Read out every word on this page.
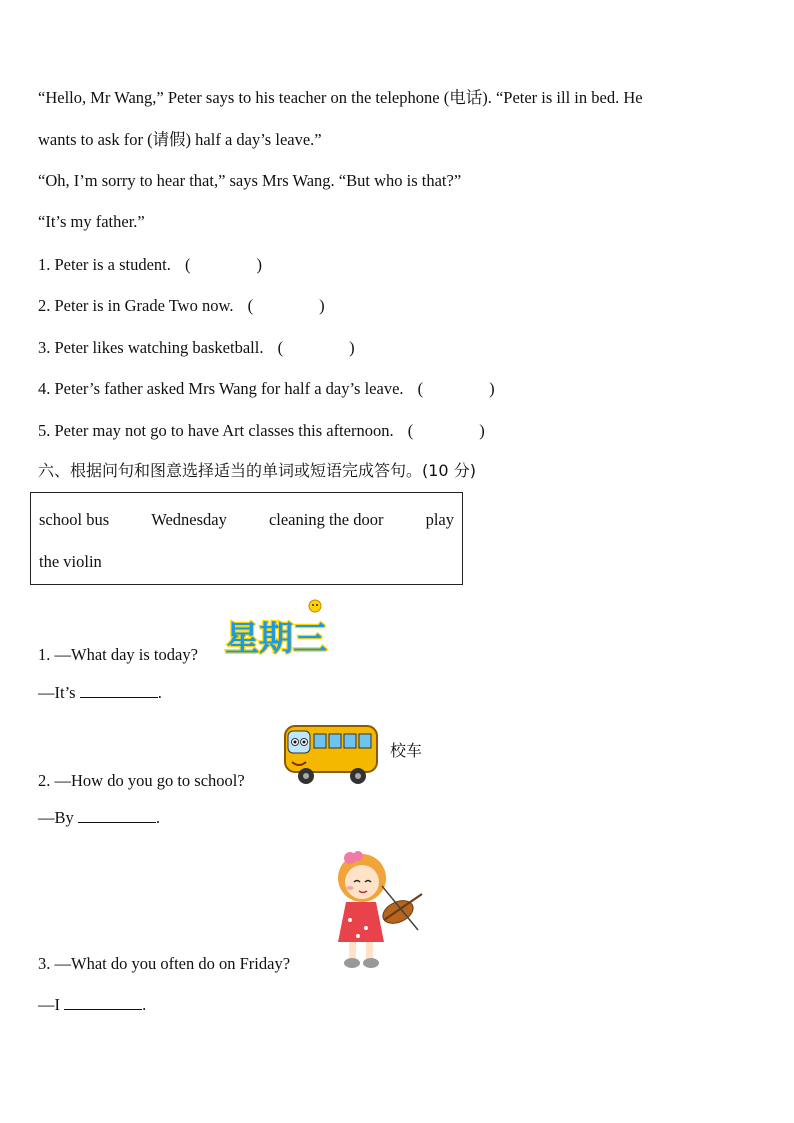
“Hello, Mr Wang,” Peter says to his teacher on the telephone (电话). “Peter is ill in bed. He
wants to ask for (请假) half a day’s leave.”
“Oh, I’m sorry to hear that,” says Mrs Wang. “But who is that?”
“It’s my father.”
1. Peter is a student. (　　　　)
2. Peter is in Grade Two now. (　　　　)
3. Peter likes watching basketball. (　　　　)
4. Peter’s father asked Mrs Wang for half a day’s leave. (　　　　)
5. Peter may not go to have Art classes this afternoon. (　　　　)
六、根据问句和图意选择适当的单词或短语完成答句。(10 分)
school bus	Wednesday	cleaning the door	play
the violin
1. —What day is today? 星期三
—It’s	.
校车
2. —How do you go to school?
—By	.
3. —What do you often do on Friday?
—I	.
